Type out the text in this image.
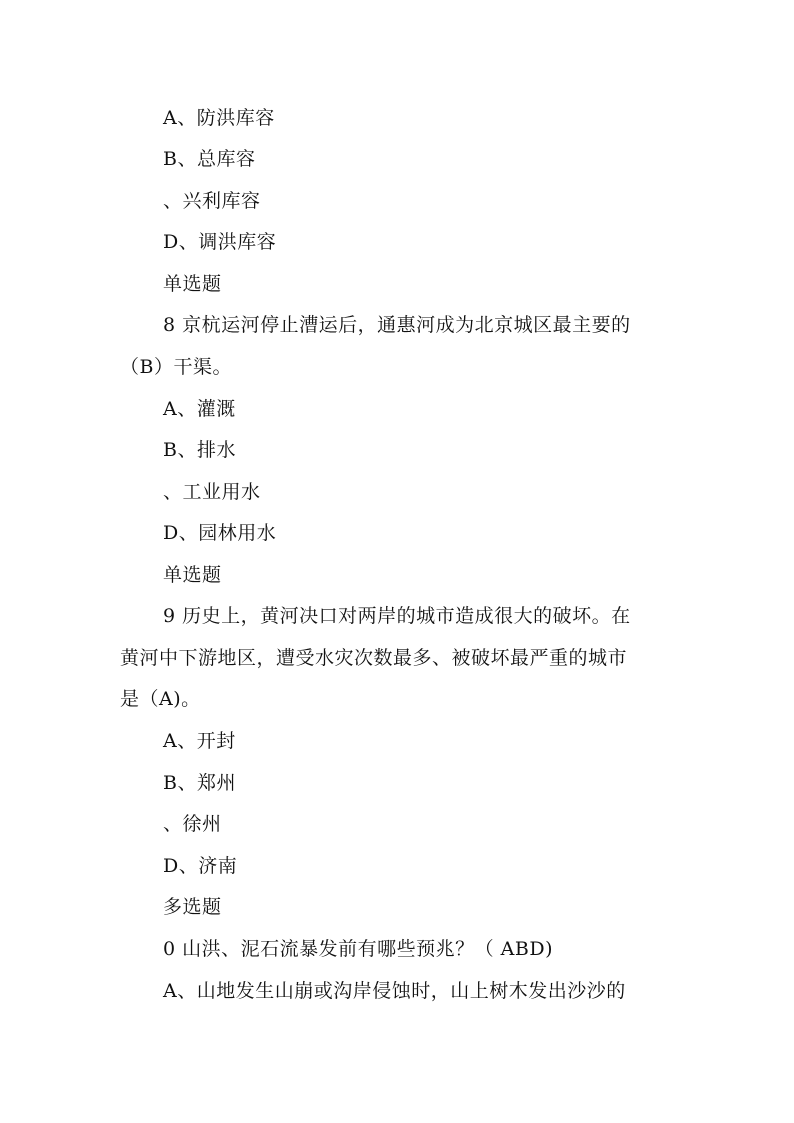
A、防洪库容
B、总库容
、兴利库容
D、调洪库容
单选题
8 京杭运河停止漕运后，通惠河成为北京城区最主要的
（B）干渠。
A、灌溉
B、排水
、工业用水
D、园林用水
单选题
9 历史上，黄河决口对两岸的城市造成很大的破坏。在
黄河中下游地区，遭受水灾次数最多、被破坏最严重的城市
是（A)。
A、开封
B、郑州
、徐州
D、济南
多选题
0 山洪、泥石流暴发前有哪些预兆？（ ABD)
A、山地发生山崩或沟岸侵蚀时，山上树木发出沙沙的
